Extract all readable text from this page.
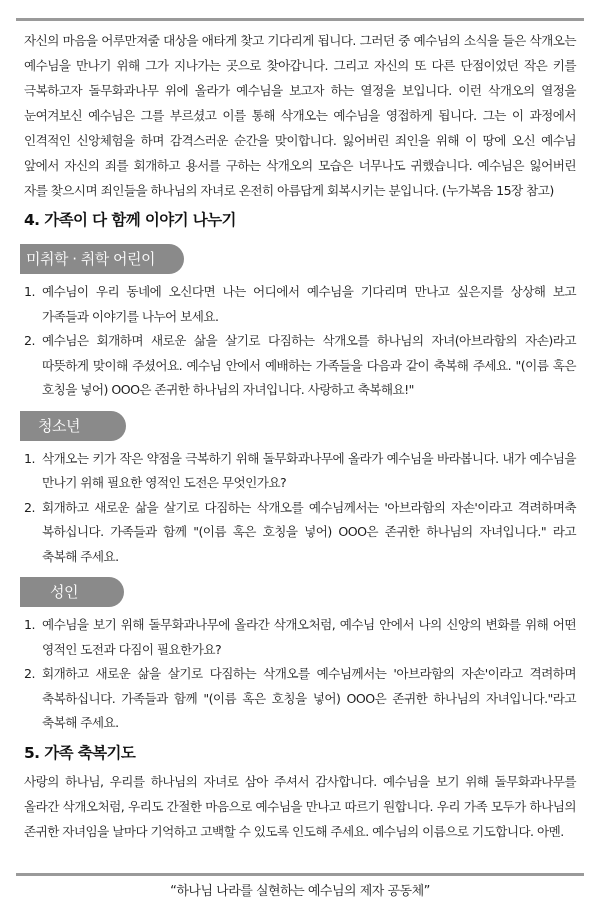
자신의 마음을 어루만져줄 대상을 애타게 찾고 기다리게 됩니다. 그러던 중 예수님의 소식을 들은 삭개오는 예수님을 만나기 위해 그가 지나가는 곳으로 찾아갑니다. 그리고 자신의 또 다른 단점이었던 작은 키를 극복하고자 돌무화과나무 위에 올라가 예수님을 보고자 하는 열정을 보입니다. 이런 삭개오의 열정을 눈여겨보신 예수님은 그를 부르셨고 이를 통해 삭개오는 예수님을 영접하게 됩니다. 그는 이 과정에서 인격적인 신앙체험을 하며 감격스러운 순간을 맞이합니다. 잃어버린 죄인을 위해 이 땅에 오신 예수님 앞에서 자신의 죄를 회개하고 용서를 구하는 삭개오의 모습은 너무나도 귀했습니다. 예수님은 잃어버린 자를 찾으시며 죄인들을 하나님의 자녀로 온전히 아름답게 회복시키는 분입니다. (누가복음 15장 참고)

4. 가족이 다 함께 이야기 나누기
미취학 · 취학 어린이
1. 예수님이 우리 동네에 오신다면 나는 어디에서 예수님을 기다리며 만나고 싶은지를 상상해 보고 가족들과 이야기를 나누어 보세요.
2. 예수님은 회개하며 새로운 삶을 살기로 다짐하는 삭개오를 하나님의 자녀(아브라함의 자손)라고 따뜻하게 맞이해 주셨어요. 예수님 안에서 예배하는 가족들을 다음과 같이 축복해 주세요. "(이름 혹은 호칭을 넣어) OOO은 존귀한 하나님의 자녀입니다. 사랑하고 축복해요!"
청소년
1. 삭개오는 키가 작은 약점을 극복하기 위해 돌무화과나무에 올라가 예수님을 바라봅니다. 내가 예수님을 만나기 위해 필요한 영적인 도전은 무엇인가요?
2. 회개하고 새로운 삶을 살기로 다짐하는 삭개오를 예수님께서는 '아브라함의 자손'이라고 격려하며축 복하십니다. 가족들과 함께 "(이름 혹은 호칭을 넣어) OOO은 존귀한 하나님의 자녀입니다." 라고 축복해 주세요.
성인
1. 예수님을 보기 위해 돌무화과나무에 올라간 삭개오처럼, 예수님 안에서 나의 신앙의 변화를 위해 어떤 영적인 도전과 다짐이 필요한가요?
2. 회개하고 새로운 삶을 살기로 다짐하는 삭개오를 예수님께서는 '아브라함의 자손'이라고 격려하며 축복하십니다. 가족들과 함께 "(이름 혹은 호칭을 넣어) OOO은 존귀한 하나님의 자녀입니다."라고 축복해 주세요.
5. 가족 축복기도

사랑의 하나님, 우리를 하나님의 자녀로 삼아 주셔서 감사합니다. 예수님을 보기 위해 돌무화과나무를 올라간 삭개오처럼, 우리도 간절한 마음으로 예수님을 만나고 따르기 원합니다. 우리 가족 모두가 하나님의 존귀한 자녀임을 날마다 기억하고 고백할 수 있도록 인도해 주세요. 예수님의 이름으로 기도합니다. 아멘.

“하나님 나라를 실현하는 예수님의 제자 공동체”
